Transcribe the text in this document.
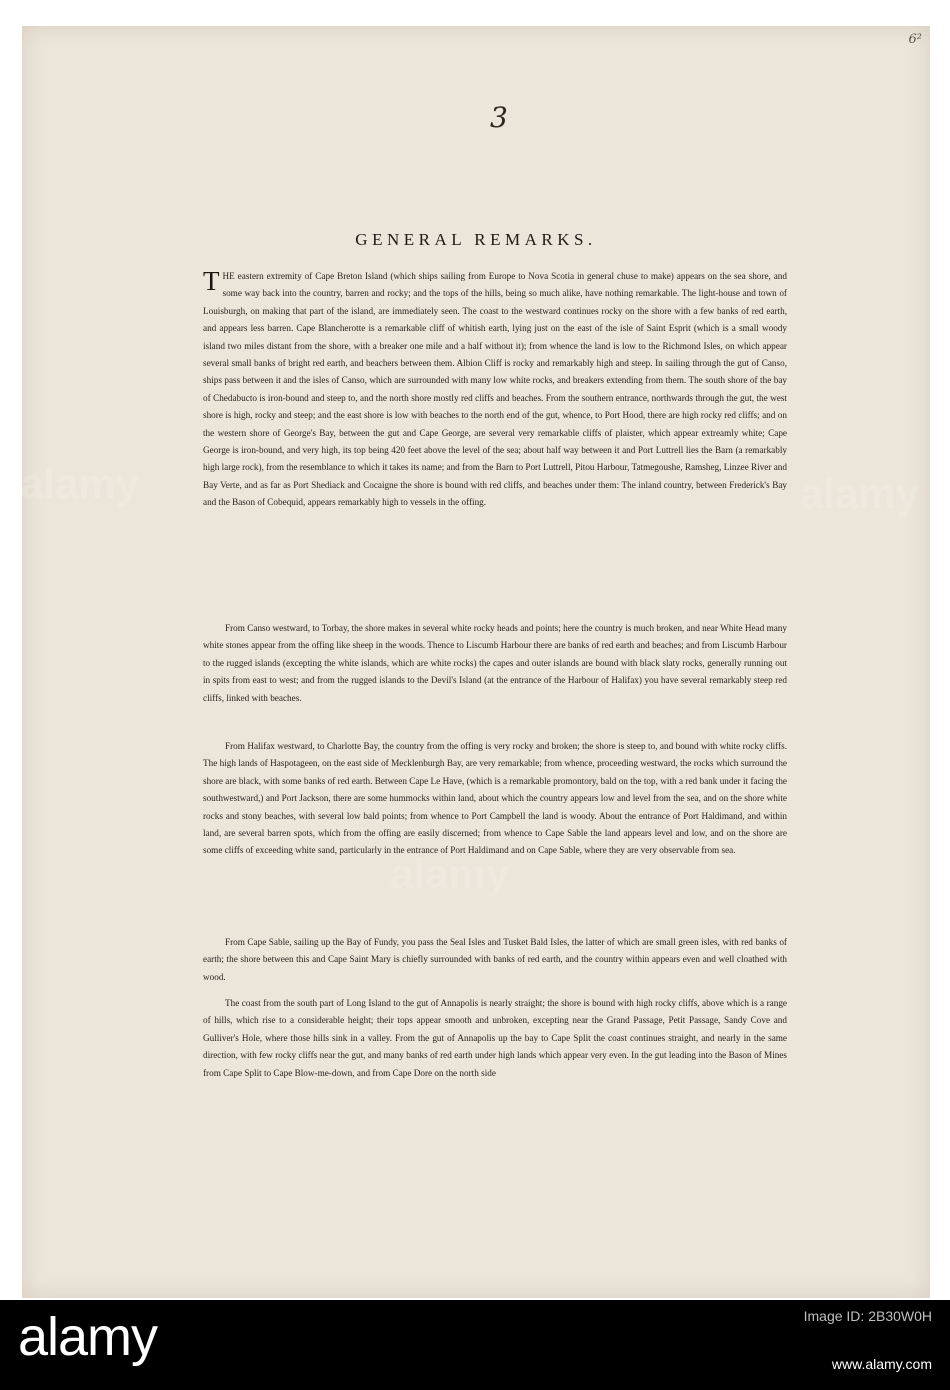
6²
3
GENERAL REMARKS.
THE eastern extremity of Cape Breton Island (which ships sailing from Europe to Nova Scotia in general chuse to make) appears on the sea shore, and some way back into the country, barren and rocky; and the tops of the hills, being so much alike, have nothing remarkable. The light-house and town of Louisburgh, on making that part of the island, are immediately seen. The coast to the westward continues rocky on the shore with a few banks of red earth, and appears less barren. Cape Blancherotte is a remarkable cliff of whitish earth, lying just on the east of the isle of Saint Esprit (which is a small woody island two miles distant from the shore, with a breaker one mile and a half without it); from whence the land is low to the Richmond Isles, on which appear several small banks of bright red earth, and beachers between them. Albion Cliff is rocky and remarkably high and steep. In sailing through the gut of Canso, ships pass between it and the isles of Canso, which are surrounded with many low white rocks, and breakers extending from them. The south shore of the bay of Chedabucto is iron-bound and steep to, and the north shore mostly red cliffs and beaches. From the southern entrance, northwards through the gut, the west shore is high, rocky and steep; and the east shore is low with beaches to the north end of the gut, whence, to Port Hood, there are high rocky red cliffs; and on the western shore of George's Bay, between the gut and Cape George, are several very remarkable cliffs of plaister, which appear extreamly white; Cape George is iron-bound, and very high, its top being 420 feet above the level of the sea; about half way between it and Port Luttrell lies the Barn (a remarkably high large rock), from the resemblance to which it takes its name; and from the Barn to Port Luttrell, Pitou Harbour, Tatmegoushe, Ramsheg, Linzee River and Bay Verte, and as far as Port Shediack and Cocaigne the shore is bound with red cliffs, and beaches under them: The inland country, between Frederick's Bay and the Bason of Cobequid, appears remarkably high to vessels in the offing.
From Canso westward, to Torbay, the shore makes in several white rocky heads and points; here the country is much broken, and near White Head many white stones appear from the offing like sheep in the woods. Thence to Liscumb Harbour there are banks of red earth and beaches; and from Liscumb Harbour to the rugged islands (excepting the white islands, which are white rocks) the capes and outer islands are bound with black slaty rocks, generally running out in spits from east to west; and from the rugged islands to the Devil's Island (at the entrance of the Harbour of Halifax) you have several remarkably steep red cliffs, linked with beaches.
From Halifax westward, to Charlotte Bay, the country from the offing is very rocky and broken; the shore is steep to, and bound with white rocky cliffs. The high lands of Haspotageen, on the east side of Mecklenburgh Bay, are very remarkable; from whence, proceeding westward, the rocks which surround the shore are black, with some banks of red earth. Between Cape Le Have, (which is a remarkable promontory, bald on the top, with a red bank under it facing the southwestward,) and Port Jackson, there are some hummocks within land, about which the country appears low and level from the sea, and on the shore white rocks and stony beaches, with several low bald points; from whence to Port Campbell the land is woody. About the entrance of Port Haldimand, and within land, are several barren spots, which from the offing are easily discerned; from whence to Cape Sable the land appears level and low, and on the shore are some cliffs of exceeding white sand, particularly in the entrance of Port Haldimand and on Cape Sable, where they are very observable from sea.
From Cape Sable, sailing up the Bay of Fundy, you pass the Seal Isles and Tusket Bald Isles, the latter of which are small green isles, with red banks of earth; the shore between this and Cape Saint Mary is chiefly surrounded with banks of red earth, and the country within appears even and well cloathed with wood.
The coast from the south part of Long Island to the gut of Annapolis is nearly straight; the shore is bound with high rocky cliffs, above which is a range of hills, which rise to a considerable height; their tops appear smooth and unbroken, excepting near the Grand Passage, Petit Passage, Sandy Cove and Gulliver's Hole, where those hills sink in a valley. From the gut of Annapolis up the bay to Cape Split the coast continues straight, and nearly in the same direction, with few rocky cliffs near the gut, and many banks of red earth under high lands which appear very even. In the gut leading into the Bason of Mines from Cape Split to Cape Blow-me-down, and from Cape Dore on the north side
alamy	Image ID: 2B30W0H
www.alamy.com
